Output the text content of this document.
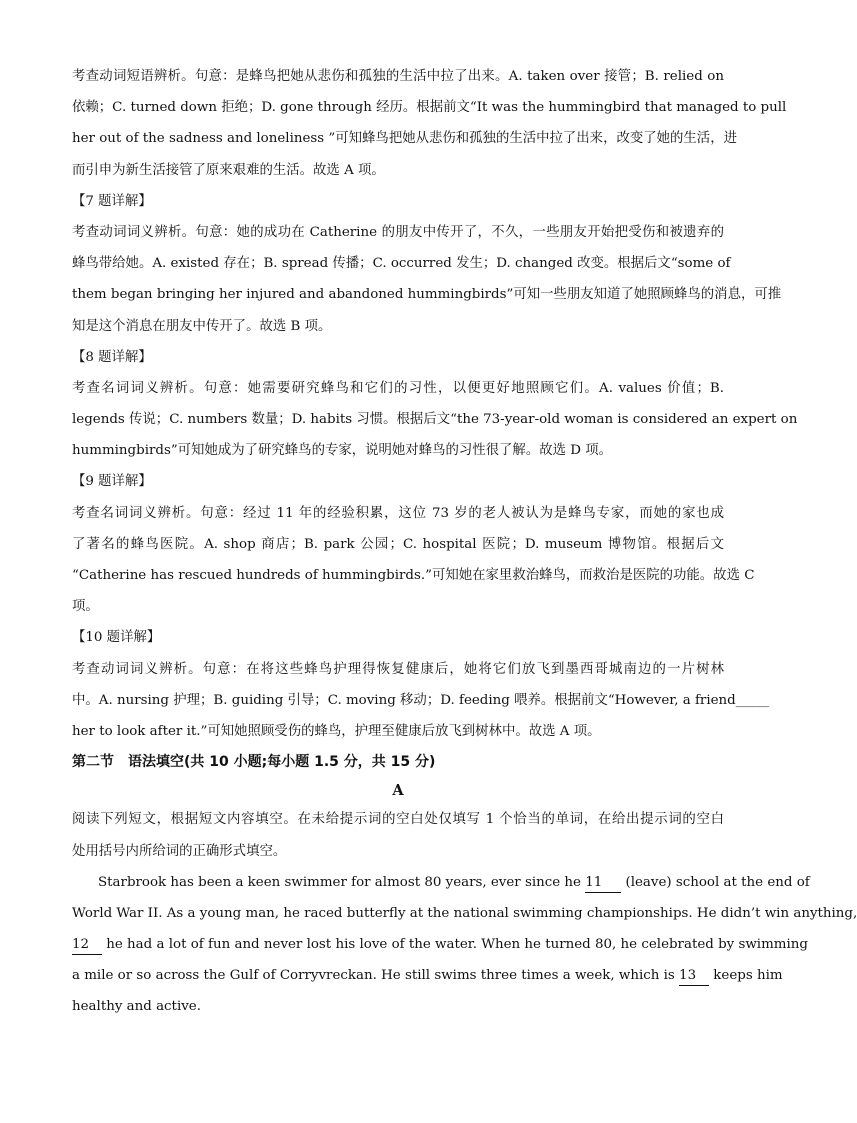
考查动词短语辨析。句意：是蜂鸟把她从悲伤和孤独的生活中拉了出来。A. taken over 接管；B. relied on
依赖；C. turned down 拒绝；D. gone through 经历。根据前文“It was the hummingbird that managed to pull
her out of the sadness and loneliness ”可知蜂鸟把她从悲伤和孤独的生活中拉了出来，改变了她的生活，进
而引申为新生活接管了原来艰难的生活。故选 A 项。
【7 题详解】
考查动词词义辨析。句意：她的成功在 Catherine 的朋友中传开了，不久，一些朋友开始把受伤和被遗弃的
蜂鸟带给她。A. existed 存在；B. spread 传播；C. occurred 发生；D. changed 改变。根据后文“some of
them began bringing her injured and abandoned hummingbirds”可知一些朋友知道了她照顾蜂鸟的消息，可推
知是这个消息在朋友中传开了。故选 B 项。
【8 题详解】
考查名词词义辨析。句意：她需要研究蜂鸟和它们的习性，以便更好地照顾它们。A. values 价值；B.
legends 传说；C. numbers 数量；D. habits 习惯。根据后文“the 73-year-old woman is considered an expert on
hummingbirds”可知她成为了研究蜂鸟的专家，说明她对蜂鸟的习性很了解。故选 D 项。
【9 题详解】
考查名词词义辨析。句意：经过 11 年的经验积累，这位 73 岁的老人被认为是蜂鸟专家，而她的家也成
了著名的蜂鸟医院。A. shop 商店；B. park 公园；C. hospital 医院；D. museum 博物馆。根据后文
“Catherine has rescued hundreds of hummingbirds.”可知她在家里救治蜂鸟，而救治是医院的功能。故选 C
项。
【10 题详解】
考查动词词义辨析。句意：在将这些蜂鸟护理得恢复健康后，她将它们放飞到墨西哥城南边的一片树林
中。A. nursing 护理；B. guiding 引导；C. moving 移动；D. feeding 喂养。根据前文“However, a friend_____
her to look after it.”可知她照顾受伤的蜂鸟，护理至健康后放飞到树林中。故选 A 项。
第二节　语法填空(共 10 小题;每小题 1.5 分，共 15 分)
A
阅读下列短文，根据短文内容填空。在未给提示词的空白处仅填写 1 个恰当的单词，在给出提示词的空白
处用括号内所给词的正确形式填空。
Starbrook has been a keen swimmer for almost 80 years, ever since he 11 (leave) school at the end of
World War II. As a young man, he raced butterfly at the national swimming championships. He didn’t win anything,
12 he had a lot of fun and never lost his love of the water. When he turned 80, he celebrated by swimming
a mile or so across the Gulf of Corryvreckan. He still swims three times a week, which is 13 keeps him
healthy and active.
